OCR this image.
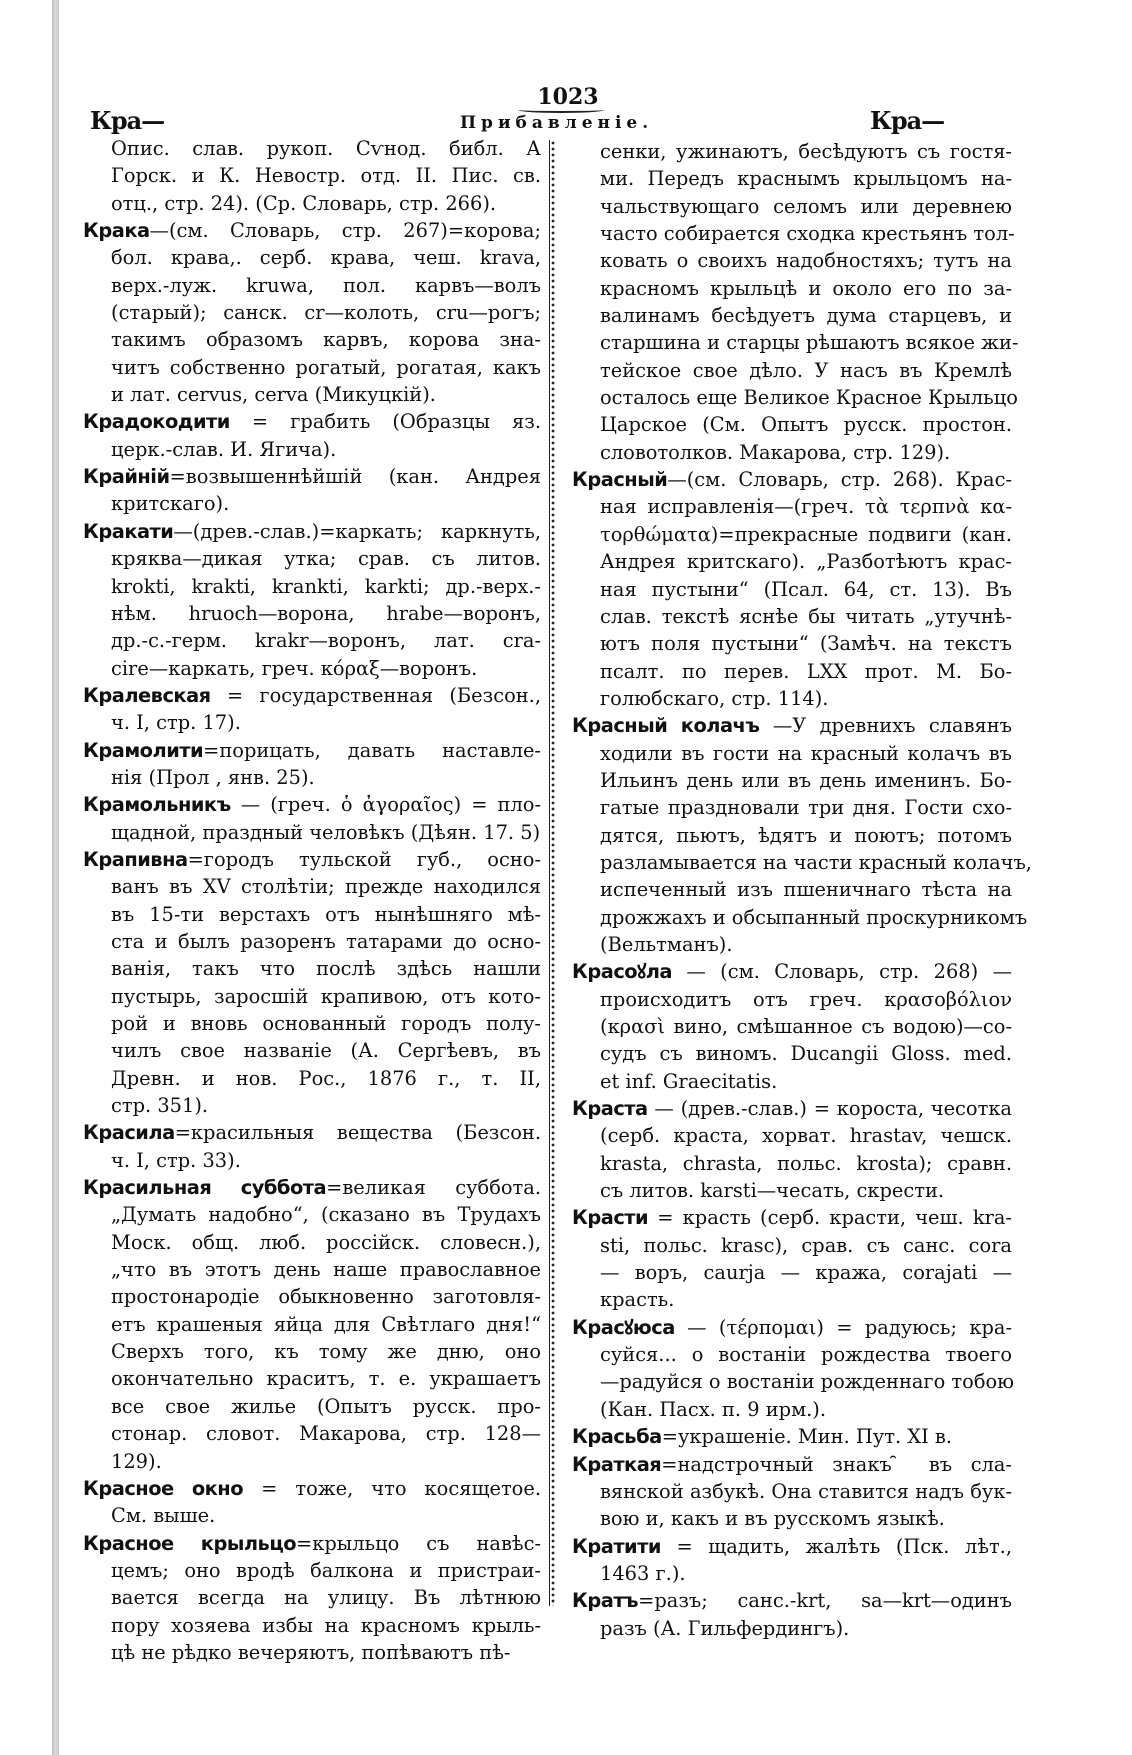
1023
Кра—	Прибавленіе.	Кра—
Опис. слав. рукоп. Сѵнод. библ. А
Горск. и К. Невостр. отд. II. Пис. св.
отц., стр. 24). (Ср. Словарь, стр. 266).
Крака—(см. Словарь, стр. 267)=корова;
бол. крава,. серб. крава, чеш. krava,
верх.-луж. kruwa, пол. карвъ—волъ
(старый); санск. cr—колоть, cru—рогъ;
такимъ образомъ карвъ, корова зна-
читъ собственно рогатый, рогатая, какъ
и лат. cervus, cerva (Микуцкій).
Крадокодити = грабить (Образцы яз.
церк.-слав. И. Ягича).
Крайній=возвышеннѣйшій (кан. Андрея
критскаго).
Кракати—(древ.-слав.)=каркать; каркнуть,
кряква—дикая утка; срав. съ литов.
krokti, krakti, krankti, karkti; др.-верх.-
нѣм. hruoch—ворона, hrabe—воронъ,
др.-с.-герм. krakr—воронъ, лат. cra-
cire—каркать, греч. κόραξ—воронъ.
Кралевская = государственная (Безсон.,
ч. I, стр. 17).
Крамолити=порицать, давать наставле-
нія (Прол , янв. 25).
Крамольникъ — (греч. ὁ ἀγοραῖος) = пло-
щадной, праздный человѣкъ (Дѣян. 17. 5)
Крапивна=городъ тульской губ., осно-
ванъ въ XV столѣтіи; прежде находился
въ 15-ти верстахъ отъ нынѣшняго мѣ-
ста и былъ разоренъ татарами до осно-
ванія, такъ что послѣ здѣсь нашли
пустырь, заросшій крапивою, отъ кото-
рой и вновь основанный городъ полу-
чилъ свое названіе (А. Сергѣевъ, въ
Древн. и нов. Рос., 1876 г., т. II,
стр. 351).
Красила=красильныя вещества (Безсон.
ч. I, стр. 33).
Красильная суббота=великая суббота.
„Думать надобно“, (сказано въ Трудахъ
Моск. общ. люб. россійск. словесн.),
„что въ этотъ день наше православное
простонародіе обыкновенно заготовля-
етъ крашеныя яйца для Свѣтлаго дня!“
Сверхъ того, къ тому же дню, оно
окончательно краситъ, т. е. украшаетъ
все свое жилье (Опытъ русск. про-
стонар. словот. Макарова, стр. 128—
129).
Красное окно = тоже, что косящетое.
См. выше.
Красное крыльцо=крыльцо съ навѣс-
цемъ; оно вродѣ балкона и пристраи-
вается всегда на улицу. Въ лѣтнюю
пору хозяева избы на красномъ крыль-
цѣ не рѣдко вечеряютъ, попѣваютъ пѣ-
сенки, ужинаютъ, бесѣдуютъ съ гостя-
ми. Передъ краснымъ крыльцомъ на-
чальствующаго селомъ или деревнею
часто собирается сходка крестьянъ тол-
ковать о своихъ надобностяхъ; тутъ на
красномъ крыльцѣ и около его по за-
валинамъ бесѣдуетъ дума старцевъ, и
старшина и старцы рѣшаютъ всякое жи-
тейское свое дѣло. У насъ въ Кремлѣ
осталось еще Великое Красное Крыльцо
Царское (См. Опытъ русск. простон.
словотолков. Макарова, стр. 129).
Красный—(см. Словарь, стр. 268). Крас-
ная исправленія—(греч. τὰ τερπνὰ κα-
τορθώματα)=прекрасные подвиги (кан.
Андрея критскаго). „Разботѣютъ крас-
ная пустыни“ (Псал. 64, ст. 13). Въ
слав. текстѣ яснѣе бы читать „утучнѣ-
ютъ поля пустыни“ (Замѣч. на текстъ
псалт. по перев. LXX прот. М. Бо-
голюбскаго, стр. 114).
Красный колачъ —У древнихъ славянъ
ходили въ гости на красный колачъ въ
Ильинъ день или въ день именинъ. Бо-
гатые праздновали три дня. Гости схо-
дятся, пьютъ, ѣдятъ и поютъ; потомъ
разламывается на части красный колачъ,
испеченный изъ пшеничнаго тѣста на
дрожжахъ и обсыпанный проскурникомъ
(Вельтманъ).
Красоꙋла — (см. Словарь, стр. 268) —
происходитъ отъ греч. κρασοβόλιον
(κρασὶ вино, смѣшанное съ водою)—со-
судъ съ виномъ. Ducangii Gloss. med.
et inf. Graecitatis.
Краста — (древ.-слав.) = короста, чесотка
(серб. краста, хорват. hrastav, чешск.
krasta, chrasta, польс. krosta); сравн.
съ литов. karsti—чесать, скрести.
Красти = красть (серб. красти, чеш. kra-
sti, польс. krasc), срав. съ санс. cora
— воръ, caurja — кража, corajati —
красть.
Красꙋюса — (τέρπομαι) = радуюсь; кра-
суйся... о востаніи рождества твоего
—радуйся о востаніи рожденнаго тобою
(Кан. Пасх. п. 9 ирм.).
Красьба=украшеніе. Мин. Пут. XI в.
Краткая=надстрочный знакъ ̑ въ сла-
вянской азбукѣ. Она ставится надъ бук-
вою и, какъ и въ русскомъ языкѣ.
Кратити = щадить, жалѣть (Пск. лѣт.,
1463 г.).
Кратъ=разъ; санс.-krt, sa—krt—одинъ
разъ (А. Гильфердингъ).
